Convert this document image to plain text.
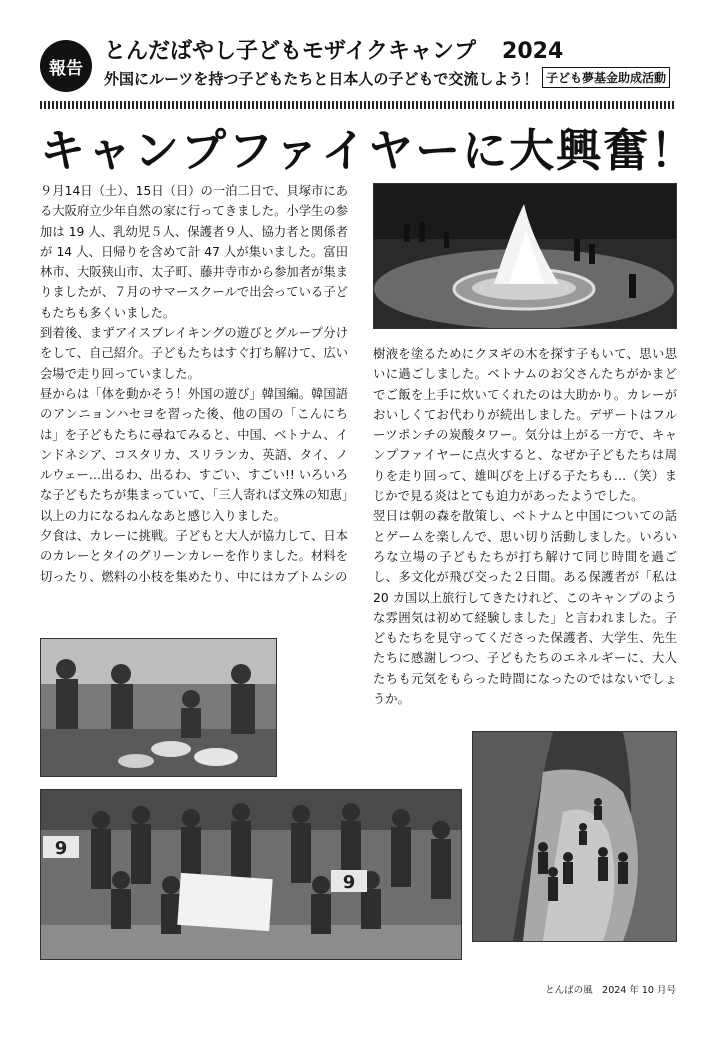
報告
とんだばやし子どもモザイクキャンプ 2024
外国にルーツを持つ子どもたちと日本人の子どもで交流しよう！ 子ども夢基金助成活動
キャンプファイヤーに大興奮！

９月14日（土）、15日（日）の一泊二日で、貝塚市にある大阪府立少年自然の家に行ってきました。小学生の参加は 19 人、乳幼児５人、保護者９人、協力者と関係者が 14 人、日帰りを含めて計 47 人が集いました。富田林市、大阪狭山市、太子町、藤井寺市から参加者が集まりましたが、７月のサマースクールで出会っている子どもたちも多くいました。

到着後、まずアイスブレイキングの遊びとグループ分けをして、自己紹介。子どもたちはすぐ打ち解けて、広い会場で走り回っていました。

昼からは「体を動かそう！外国の遊び」韓国編。韓国語のアンニョンハセヨを習った後、他の国の「こんにちは」を子どもたちに尋ねてみると、中国、ベトナム、インドネシア、コスタリカ、スリランカ、英語、タイ、ノルウェー…出るわ、出るわ、すごい、すごい!! いろいろな子どもたちが集まっていて、「三人寄れば文殊の知恵」以上の力になるねんなあと感じ入りました。

夕食は、カレーに挑戦。子どもと大人が協力して、日本のカレーとタイのグリーンカレーを作りました。材料を切ったり、燃料の小枝を集めたり、中にはカブトムシの

樹液を塗るためにクヌギの木を探す子もいて、思い思いに過ごしました。ベトナムのお父さんたちがかまどでご飯を上手に炊いてくれたのは大助かり。カレーがおいしくてお代わりが続出しました。デザートはフルーツポンチの炭酸タワー。気分は上がる一方で、キャンプファイヤーに点火すると、なぜか子どもたちは周りを走り回って、雄叫びを上げる子たちも…（笑）まじかで見る炎はとても迫力があったようでした。

翌日は朝の森を散策し、ベトナムと中国についての話とゲームを楽しんで、思い切り活動しました。いろいろな立場の子どもたちが打ち解けて同じ時間を過ごし、多文化が飛び交った２日間。ある保護者が「私は 20 カ国以上旅行してきたけれど、このキャンプのような雰囲気は初めて経験しました」と言われました。子どもたちを見守ってくださった保護者、大学生、先生たちに感謝しつつ、子どもたちのエネルギーに、大人たちも元気をもらった時間になったのではないでしょうか。

9
9
とんばの風　2024 年 10 月号
